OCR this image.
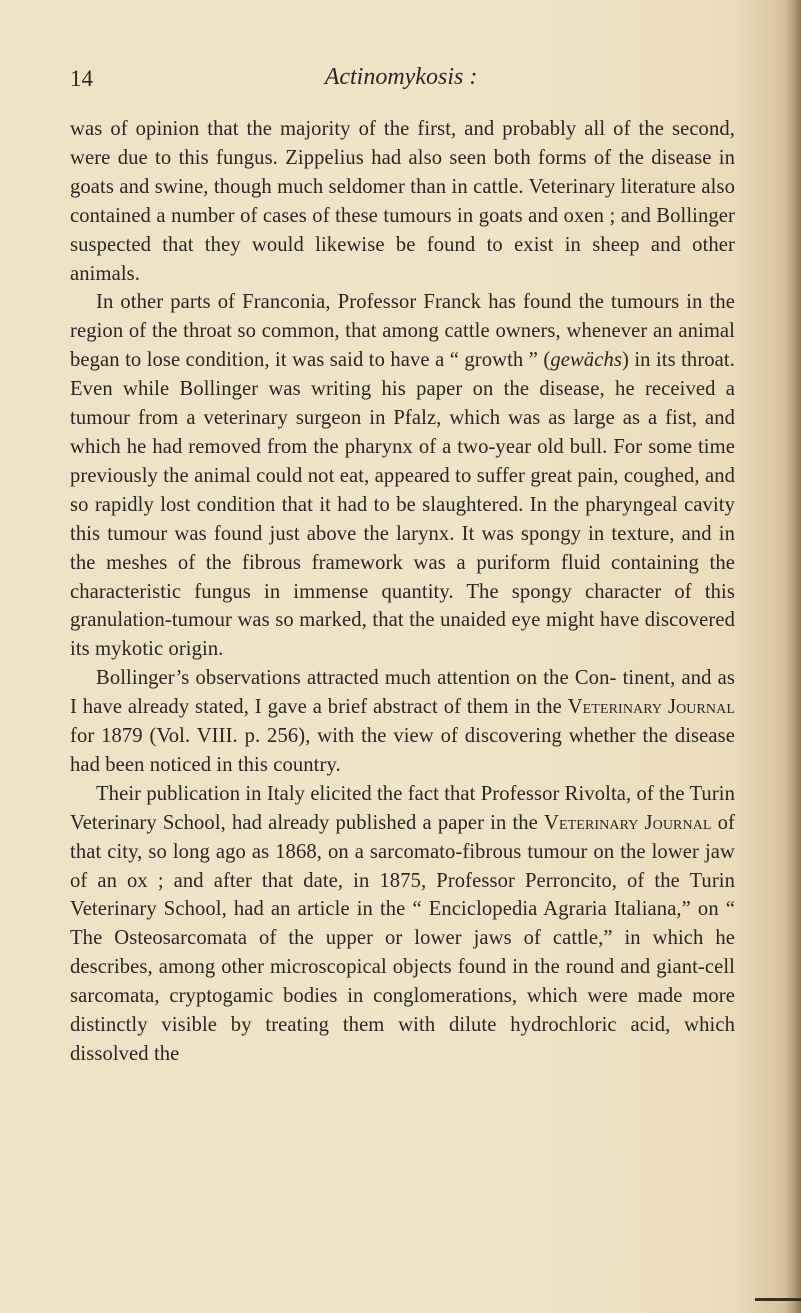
14	Actinomykosis :

was of opinion that the majority of the first, and probably all of the second, were due to this fungus. Zippelius had also seen both forms of the disease in goats and swine, though much seldomer than in cattle. Veterinary literature also contained a number of cases of these tumours in goats and oxen ; and Bollinger suspected that they would likewise be found to exist in sheep and other animals.

In other parts of Franconia, Professor Franck has found the tumours in the region of the throat so common, that among cattle owners, whenever an animal began to lose condition, it was said to have a “ growth ” (gewächs) in its throat. Even while Bollinger was writing his paper on the disease, he received a tumour from a veterinary surgeon in Pfalz, which was as large as a fist, and which he had removed from the pharynx of a two-year old bull. For some time previously the animal could not eat, appeared to suffer great pain, coughed, and so rapidly lost condition that it had to be slaughtered. In the pharyngeal cavity this tumour was found just above the larynx. It was spongy in texture, and in the meshes of the fibrous framework was a puriform fluid containing the characteristic fungus in immense quantity. The spongy character of this granulation-tumour was so marked, that the unaided eye might have discovered its mykotic origin.

Bollinger’s observations attracted much attention on the Con- tinent, and as I have already stated, I gave a brief abstract of them in the Veterinary Journal for 1879 (Vol. VIII. p. 256), with the view of discovering whether the disease had been noticed in this country.

Their publication in Italy elicited the fact that Professor Rivolta, of the Turin Veterinary School, had already published a paper in the Veterinary Journal of that city, so long ago as 1868, on a sarcomato-fibrous tumour on the lower jaw of an ox ; and after that date, in 1875, Professor Perroncito, of the Turin Veterinary School, had an article in the “ Enciclopedia Agraria Italiana,” on “ The Osteosarcomata of the upper or lower jaws of cattle,” in which he describes, among other microscopical objects found in the round and giant-cell sarcomata, cryptogamic bodies in conglomerations, which were made more distinctly visible by treating them with dilute hydrochloric acid, which dissolved the
